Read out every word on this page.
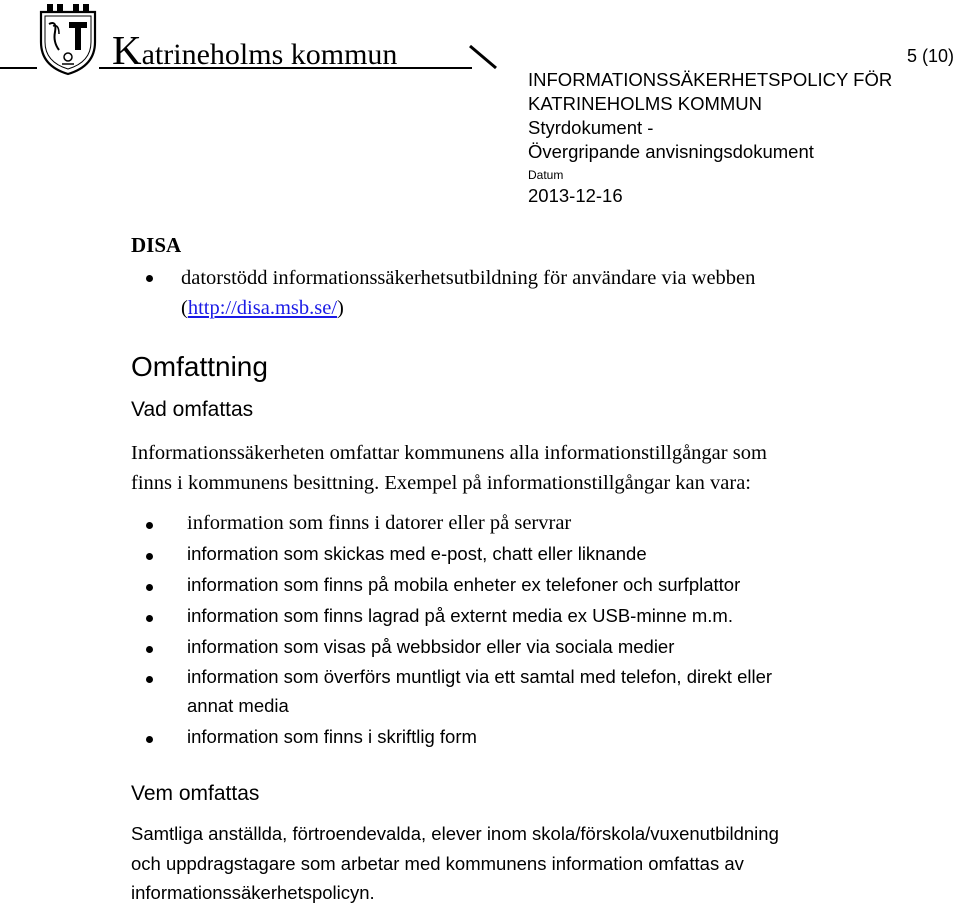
Katrineholms kommun	5 (10)
INFORMATIONSSÄKERHETSPOLICY FÖR
KATRINEHOLMS KOMMUN
Styrdokument -
Övergripande anvisningsdokument
Datum
2013-12-16
DISA
datorstödd informationssäkerhetsutbildning för användare via webben
(http://disa.msb.se/)
Omfattning
Vad omfattas
Informationssäkerheten omfattar kommunens alla informationstillgångar som
finns i kommunens besittning. Exempel på informationstillgångar kan vara:
information som finns i datorer eller på servrar
information som skickas med e-post, chatt eller liknande
information som finns på mobila enheter ex telefoner och surfplattor
information som finns lagrad på externt media ex USB-minne m.m.
information som visas på webbsidor eller via sociala medier
information som överförs muntligt via ett samtal med telefon, direkt eller
annat media
information som finns i skriftlig form
Vem omfattas
Samtliga anställda, förtroendevalda, elever inom skola/förskola/vuxenutbildning
och uppdragstagare som arbetar med kommunens information omfattas av
informationssäkerhetspolicyn.
